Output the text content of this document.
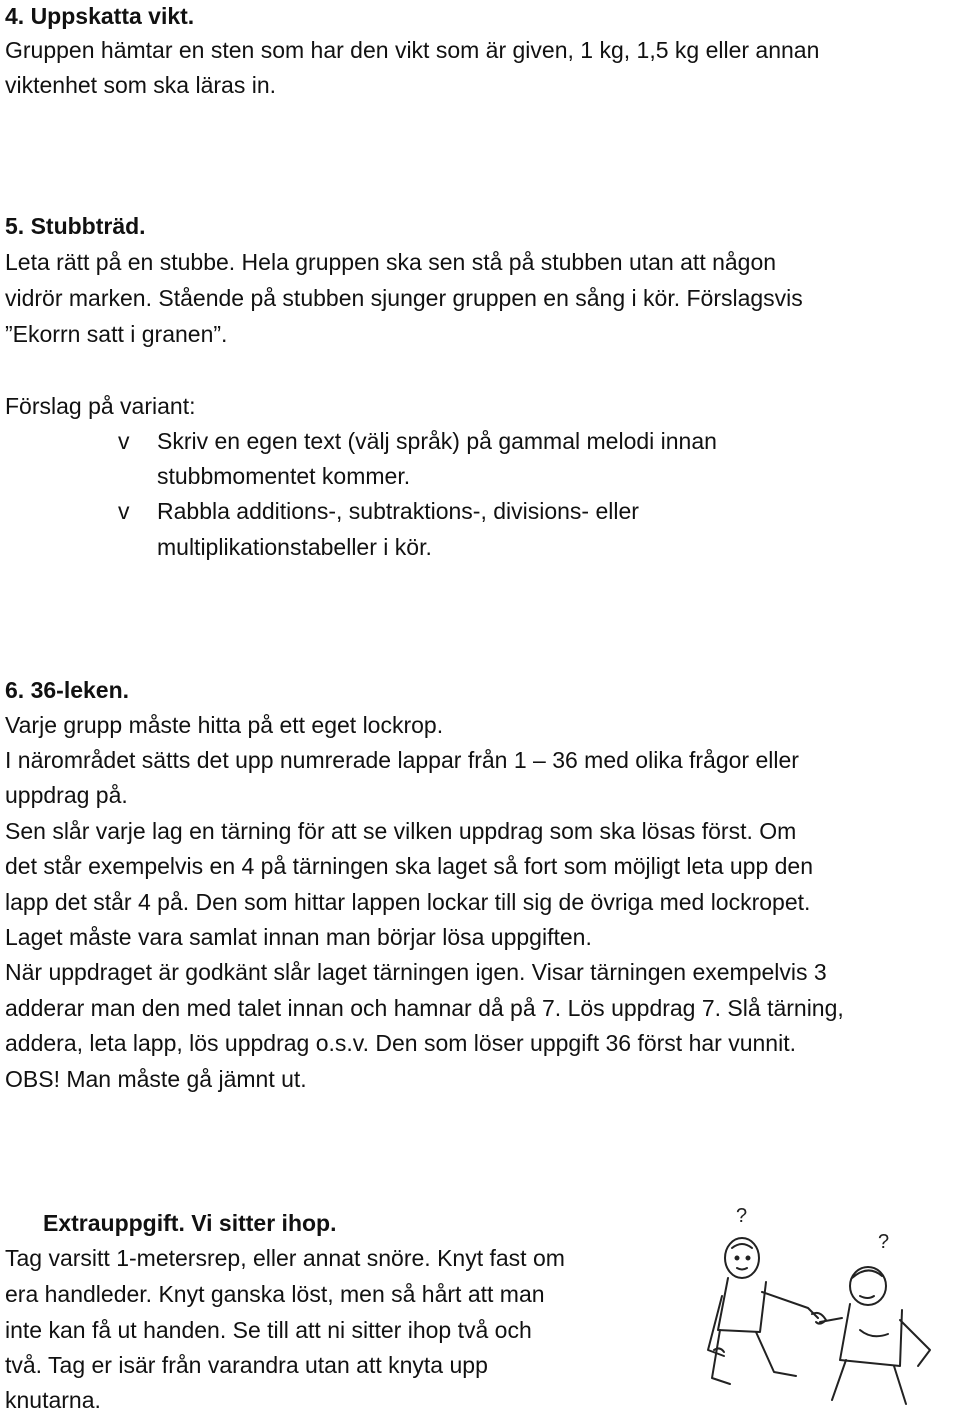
4. Uppskatta vikt.
Gruppen hämtar en sten som har den vikt som är given, 1 kg, 1,5 kg eller annan
viktenhet som ska läras in.
5. Stubbträd.
Leta rätt på en stubbe. Hela gruppen ska sen stå på stubben utan att någon
vidrör marken. Stående på stubben sjunger gruppen en sång i kör. Förslagsvis
”Ekorrn satt i granen”.
Förslag på variant:
v Skriv en egen text (välj språk) på gammal melodi innan
stubbmomentet kommer.
v Rabbla additions-, subtraktions-, divisions- eller
multiplikationstabeller i kör.
6. 36-leken.
Varje grupp måste hitta på ett eget lockrop.
I närområdet sätts det upp numrerade lappar från 1 – 36 med olika frågor eller
uppdrag på.
Sen slår varje lag en tärning för att se vilken uppdrag som ska lösas först. Om
det står exempelvis en 4 på tärningen ska laget så fort som möjligt leta upp den
lapp det står 4 på. Den som hittar lappen lockar till sig de övriga med lockropet.
Laget måste vara samlat innan man börjar lösa uppgiften.
När uppdraget är godkänt slår laget tärningen igen. Visar tärningen exempelvis 3
adderar man den med talet innan och hamnar då på 7. Lös uppdrag 7. Slå tärning,
addera, leta lapp, lös uppdrag o.s.v. Den som löser uppgift 36 först har vunnit.
OBS! Man måste gå jämnt ut.
Extrauppgift. Vi sitter ihop.
Tag varsitt 1-metersrep, eller annat snöre. Knyt fast om
era handleder. Knyt ganska löst, men så hårt att man
inte kan få ut handen. Se till att ni sitter ihop två och
två. Tag er isär från varandra utan att knyta upp
knutarna.
?
?
